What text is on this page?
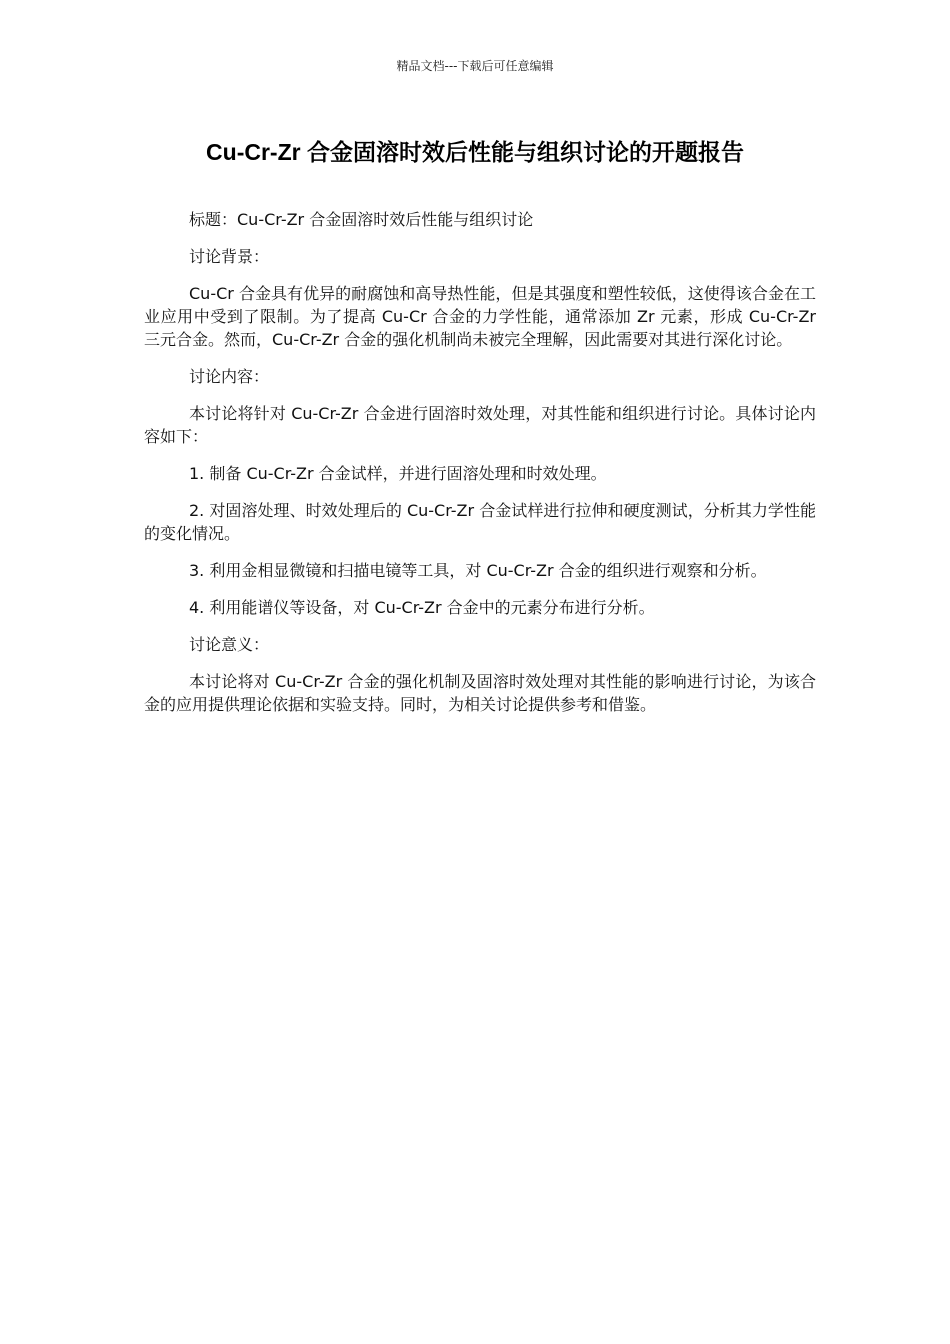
精品文档---下载后可任意编辑
Cu-Cr-Zr 合金固溶时效后性能与组织讨论的开题报告

标题：Cu-Cr-Zr 合金固溶时效后性能与组织讨论

讨论背景：

Cu-Cr 合金具有优异的耐腐蚀和高导热性能，但是其强度和塑性较低，这使得该合金在工业应用中受到了限制。为了提高 Cu-Cr 合金的力学性能，通常添加 Zr 元素，形成 Cu-Cr-Zr 三元合金。然而，Cu-Cr-Zr 合金的强化机制尚未被完全理解，因此需要对其进行深化讨论。

讨论内容：

本讨论将针对 Cu-Cr-Zr 合金进行固溶时效处理，对其性能和组织进行讨论。具体讨论内容如下：

1. 制备 Cu-Cr-Zr 合金试样，并进行固溶处理和时效处理。

2. 对固溶处理、时效处理后的 Cu-Cr-Zr 合金试样进行拉伸和硬度测试，分析其力学性能的变化情况。

3. 利用金相显微镜和扫描电镜等工具，对 Cu-Cr-Zr 合金的组织进行观察和分析。

4. 利用能谱仪等设备，对 Cu-Cr-Zr 合金中的元素分布进行分析。

讨论意义：

本讨论将对 Cu-Cr-Zr 合金的强化机制及固溶时效处理对其性能的影响进行讨论，为该合金的应用提供理论依据和实验支持。同时，为相关讨论提供参考和借鉴。
